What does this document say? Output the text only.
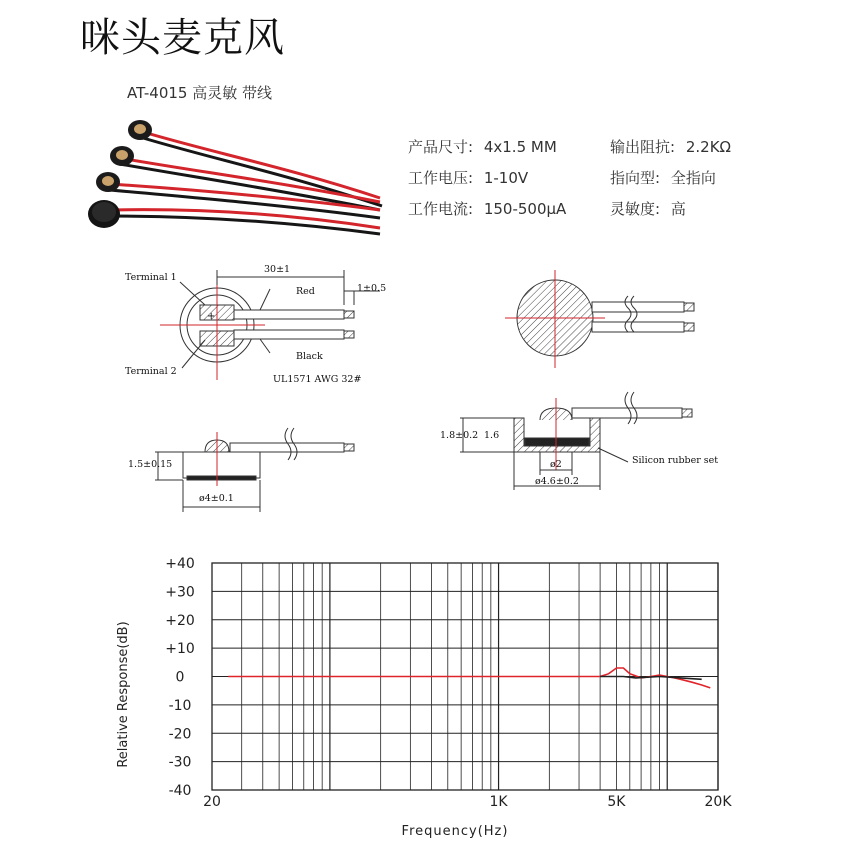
咪头麦克风
AT-4015 高灵敏 带线
产品尺寸: 4x1.5 MM	输出阻抗: 2.2KΩ
工作电压: 1-10V	指向型: 全指向
工作电流: 150-500μA	灵敏度: 高
+
Terminal 1
Terminal 2
30±1
1±0.5
Red
Black
UL1571 AWG 32#
1.5±0.15
ø4±0.1
1.8±0.2 1.6
ø2
ø4.6±0.2
Silicon rubber set
+40
+30
+20
+10
0
-10
-20
-30
-40
20	1K	5K	20K
Frequency(Hz)
Relative Response(dB)
